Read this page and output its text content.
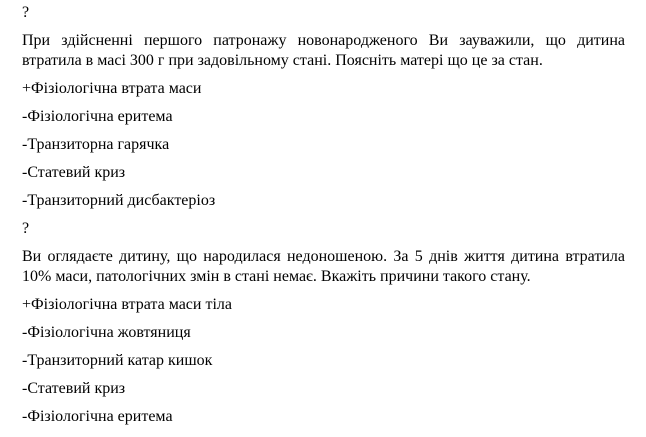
?

При здійсненні першого патронажу новонародженого Ви зауважили, що дитина втратила в масі 300 г при задовільному стані. Поясніть матері що це за стан.

+Фізіологічна втрата маси

-Фізіологічна еритема

-Транзиторна гарячка

-Статевий криз

-Транзиторний дисбактеріоз

?

Ви оглядаєте дитину, що народилася недоношеною. За 5 днів життя дитина втратила 10% маси, патологічних змін в стані немає. Вкажіть причини такого стану.

+Фізіологічна втрата маси тіла

-Фізіологічна жовтяниця

-Транзиторний катар кишок

-Статевий криз

-Фізіологічна еритема
